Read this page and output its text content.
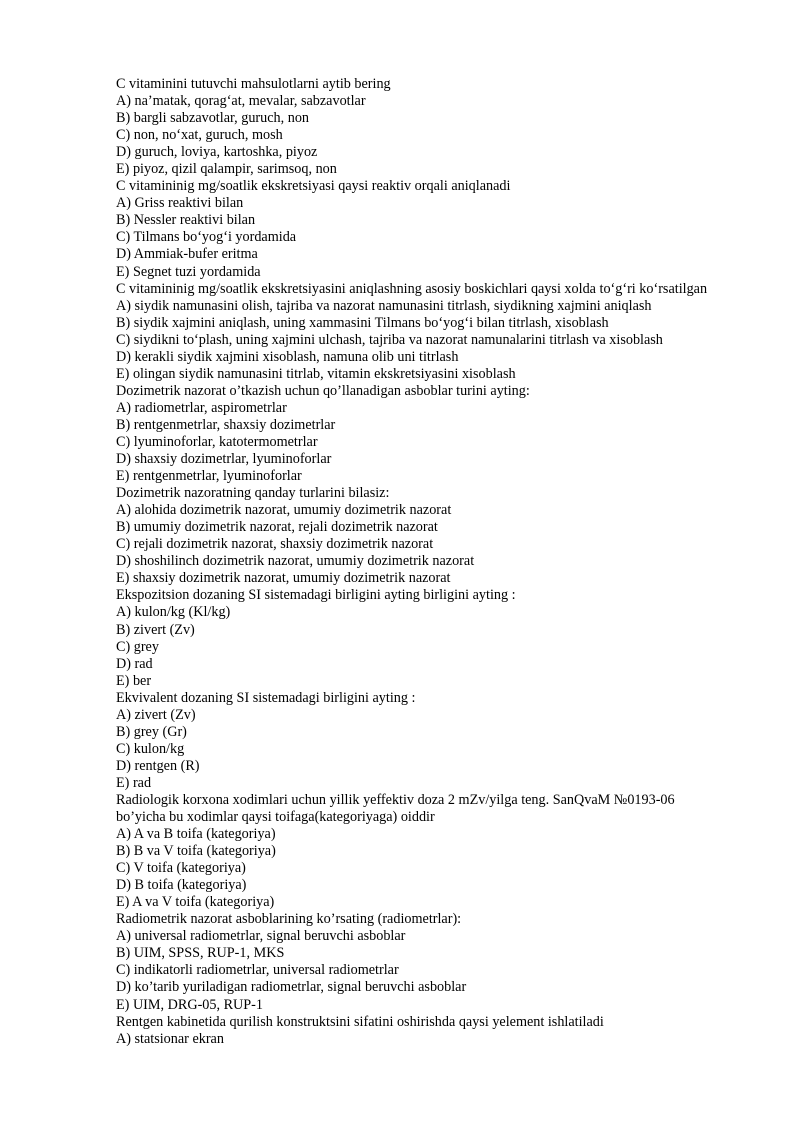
C vitaminini tutuvchi mahsulotlarni aytib bering
A) na’matak, qorag‘at, mevalar, sabzavotlar
B) bargli sabzavotlar, guruch, non
C) non, no‘xat, guruch, mosh
D) guruch, loviya, kartoshka, piyoz
E) piyoz, qizil qalampir, sarimsoq, non
C vitamininig mg/soatlik ekskretsiyasi qaysi reaktiv orqali aniqlanadi
A) Griss reaktivi bilan
B) Nessler reaktivi bilan
C) Tilmans bo‘yog‘i yordamida
D) Ammiak-bufer eritma
E) Segnet tuzi yordamida
C vitamininig mg/soatlik ekskretsiyasini aniqlashning asosiy boskichlari qaysi xolda to‘g‘ri ko‘rsatilgan
A) siydik namunasini olish, tajriba va nazorat namunasini titrlash, siydikning xajmini aniqlash
B) siydik xajmini aniqlash, uning xammasini Tilmans bo‘yog‘i bilan titrlash, xisoblash
C) siydikni to‘plash, uning xajmini ulchash, tajriba va nazorat namunalarini titrlash va xisoblash
D) kerakli siydik xajmini xisoblash, namuna olib uni titrlash
E) olingan siydik namunasini titrlab, vitamin ekskretsiyasini xisoblash
Dozimetrik nazorat o’tkazish uchun qo’llanadigan asboblar turini ayting:
A) radiometrlar, aspirometrlar
B) rentgenmetrlar, shaxsiy dozimetrlar
C) lyuminoforlar, katotermometrlar
D) shaxsiy dozimetrlar, lyuminoforlar
E) rentgenmetrlar, lyuminoforlar
Dozimetrik nazoratning qanday turlarini bilasiz:
A) alohida dozimetrik nazorat, umumiy dozimetrik nazorat
B) umumiy dozimetrik nazorat, rejali dozimetrik nazorat
C) rejali dozimetrik nazorat, shaxsiy dozimetrik nazorat
D) shoshilinch dozimetrik nazorat, umumiy dozimetrik nazorat
E) shaxsiy dozimetrik nazorat, umumiy dozimetrik nazorat
Ekspozitsion dozaning SI sistemadagi birligini ayting birligini ayting :
A) kulon/kg (Kl/kg)
B) zivert (Zv)
C) grey
D) rad
E) ber
Ekvivalent dozaning SI sistemadagi birligini ayting :
A) zivert (Zv)
B) grey (Gr)
C) kulon/kg
D) rentgen (R)
E) rad
Radiologik korxona xodimlari uchun yillik yeffektiv doza 2 mZv/yilga teng. SanQvaM №0193-06
bo’yicha bu xodimlar qaysi toifaga(kategoriyaga) oiddir
A) A va B toifa (kategoriya)
B) B va V toifa (kategoriya)
C) V toifa (kategoriya)
D) B toifa (kategoriya)
E) A va V toifa (kategoriya)
Radiometrik nazorat asboblarining ko’rsating (radiometrlar):
A) universal radiometrlar, signal beruvchi asboblar
B) UIM, SPSS, RUP-1, MKS
C) indikatorli radiometrlar, universal radiometrlar
D) ko’tarib yuriladigan radiometrlar, signal beruvchi asboblar
E) UIM, DRG-05, RUP-1
Rentgen kabinetida qurilish konstruktsini sifatini oshirishda qaysi yelement ishlatiladi
A) statsionar ekran
